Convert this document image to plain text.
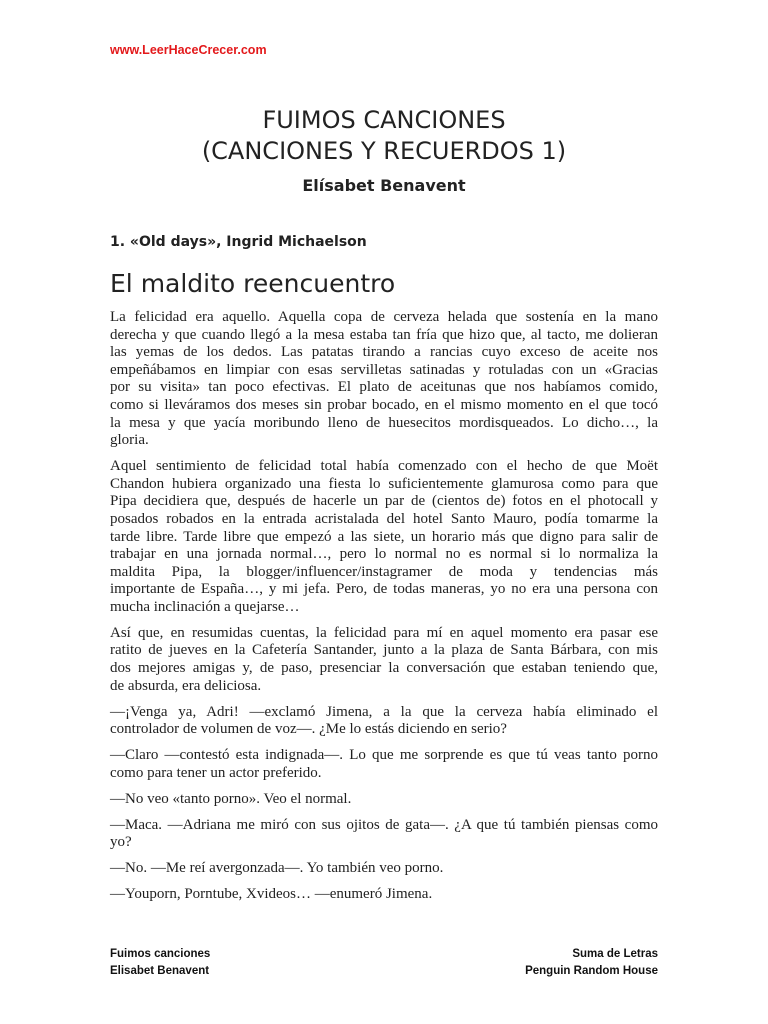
www.LeerHaceCrecer.com
FUIMOS CANCIONES
(CANCIONES Y RECUERDOS 1)
Elísabet Benavent
1. «Old days», Ingrid Michaelson
El maldito reencuentro
La felicidad era aquello. Aquella copa de cerveza helada que sostenía en la mano
derecha y que cuando llegó a la mesa estaba tan fría que hizo que, al tacto, me dolieran
las yemas de los dedos. Las patatas tirando a rancias cuyo exceso de aceite nos
empeñábamos en limpiar con esas servilletas satinadas y rotuladas con un «Gracias
por su visita» tan poco efectivas. El plato de aceitunas que nos habíamos comido,
como si lleváramos dos meses sin probar bocado, en el mismo momento en el que tocó
la mesa y que yacía moribundo lleno de huesecitos mordisqueados. Lo dicho…, la
gloria.
Aquel sentimiento de felicidad total había comenzado con el hecho de que Moët
Chandon hubiera organizado una fiesta lo suficientemente glamurosa como para que
Pipa decidiera que, después de hacerle un par de (cientos de) fotos en el photocall y
posados robados en la entrada acristalada del hotel Santo Mauro, podía tomarme la
tarde libre. Tarde libre que empezó a las siete, un horario más que digno para salir de
trabajar en una jornada normal…, pero lo normal no es normal si lo normaliza la
maldita Pipa, la blogger/influencer/instagramer de moda y tendencias más
importante de España…, y mi jefa. Pero, de todas maneras, yo no era una persona con
mucha inclinación a quejarse…
Así que, en resumidas cuentas, la felicidad para mí en aquel momento era pasar ese
ratito de jueves en la Cafetería Santander, junto a la plaza de Santa Bárbara, con mis
dos mejores amigas y, de paso, presenciar la conversación que estaban teniendo que,
de absurda, era deliciosa.
—¡Venga ya, Adri! —exclamó Jimena, a la que la cerveza había eliminado el
controlador de volumen de voz—. ¿Me lo estás diciendo en serio?
—Claro —contestó esta indignada—. Lo que me sorprende es que tú veas tanto porno
como para tener un actor preferido.
—No veo «tanto porno». Veo el normal.
—Maca. —Adriana me miró con sus ojitos de gata—. ¿A que tú también piensas como
yo?
—No. —Me reí avergonzada—. Yo también veo porno.
—Youporn, Porntube, Xvideos… —enumeró Jimena.
Fuimos canciones
Elisabet Benavent
Suma de Letras
Penguin Random House
